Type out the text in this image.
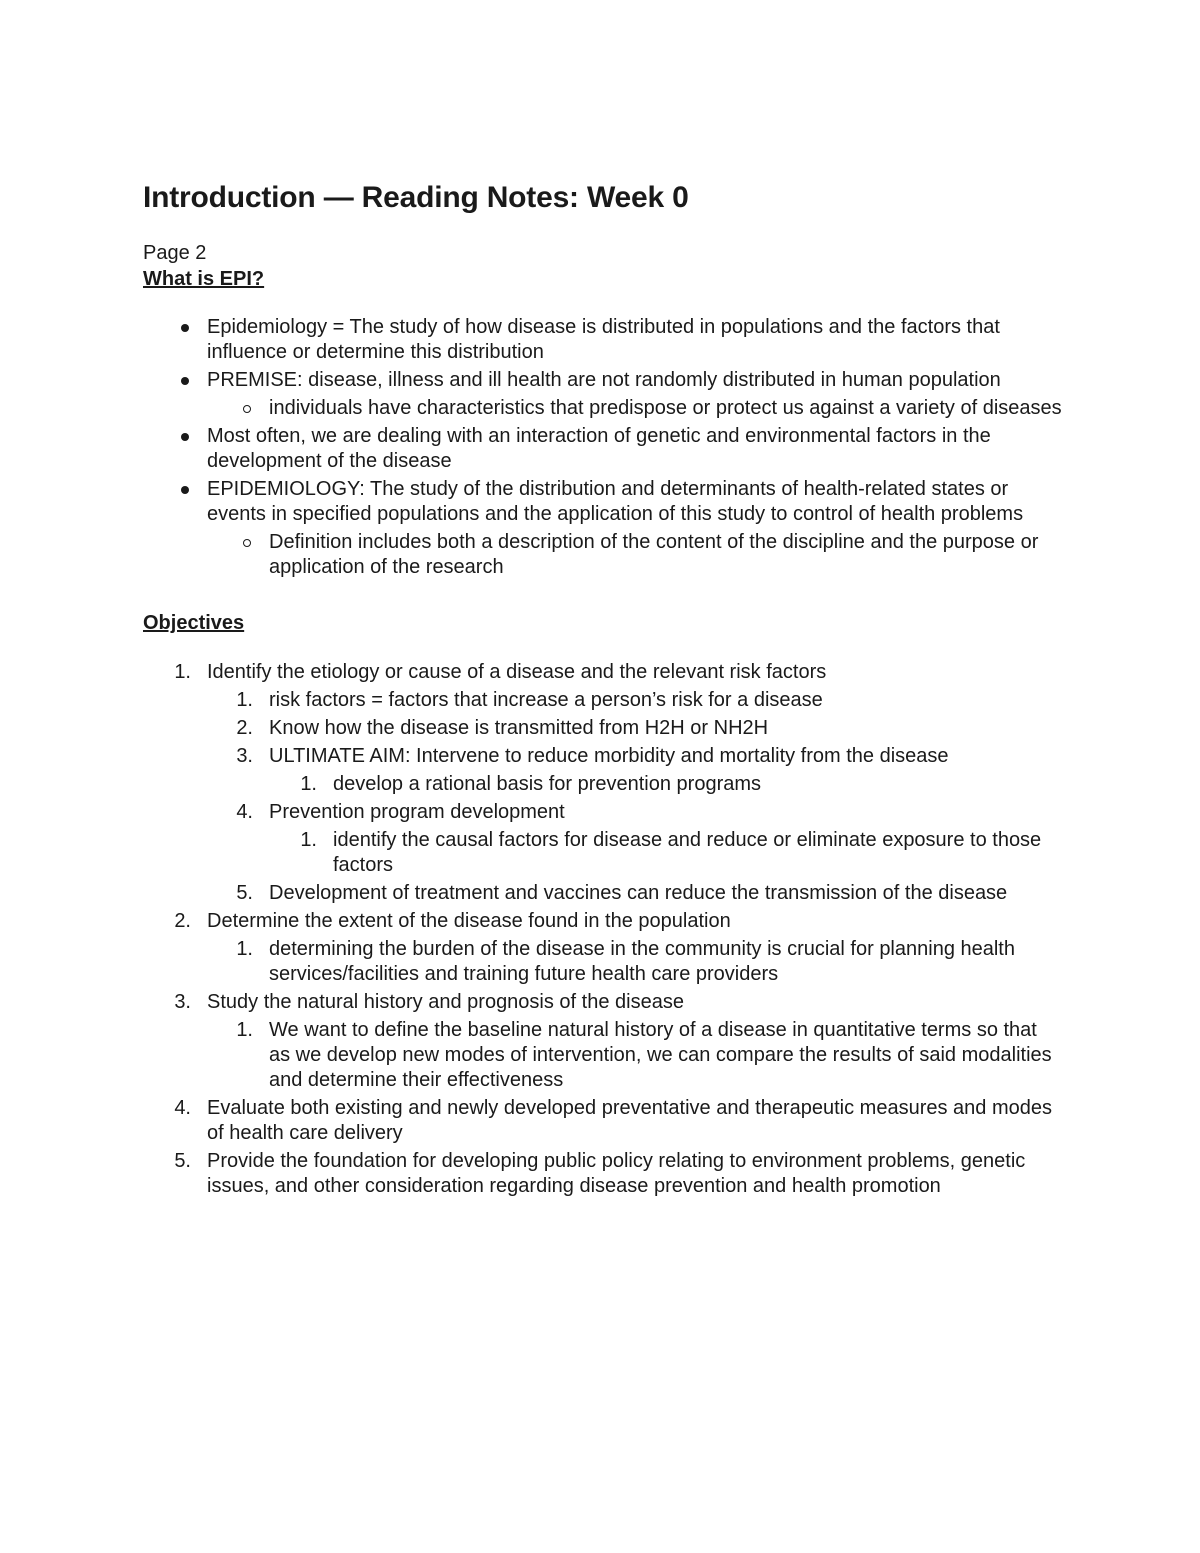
Introduction — Reading Notes: Week 0
Page 2
What is EPI?
Epidemiology = The study of how disease is distributed in populations and the factors that influence or determine this distribution
PREMISE: disease, illness and ill health are not randomly distributed in human population
individuals have characteristics that predispose or protect us against a variety of diseases
Most often, we are dealing with an interaction of genetic and environmental factors in the development of the disease
EPIDEMIOLOGY: The study of the distribution and determinants of health-related states or events in specified populations and the application of this study to control of health problems
Definition includes both a description of the content of the discipline and the purpose or application of the research
Objectives
1. Identify the etiology or cause of a disease and the relevant risk factors
1. risk factors = factors that increase a person’s risk for a disease
2. Know how the disease is transmitted from H2H or NH2H
3. ULTIMATE AIM: Intervene to reduce morbidity and mortality from the disease
1. develop a rational basis for prevention programs
4. Prevention program development
1. identify the causal factors for disease and reduce or eliminate exposure to those factors
5. Development of treatment and vaccines can reduce the transmission of the disease
2. Determine the extent of the disease found in the population
1. determining the burden of the disease in the community is crucial for planning health services/facilities and training future health care providers
3. Study the natural history and prognosis of the disease
1. We want to define the baseline natural history of a disease in quantitative terms so that as we develop new modes of intervention, we can compare the results of said modalities and determine their effectiveness
4. Evaluate both existing and newly developed preventative and therapeutic measures and modes of health care delivery
5. Provide the foundation for developing public policy relating to environment problems, genetic issues, and other consideration regarding disease prevention and health promotion
